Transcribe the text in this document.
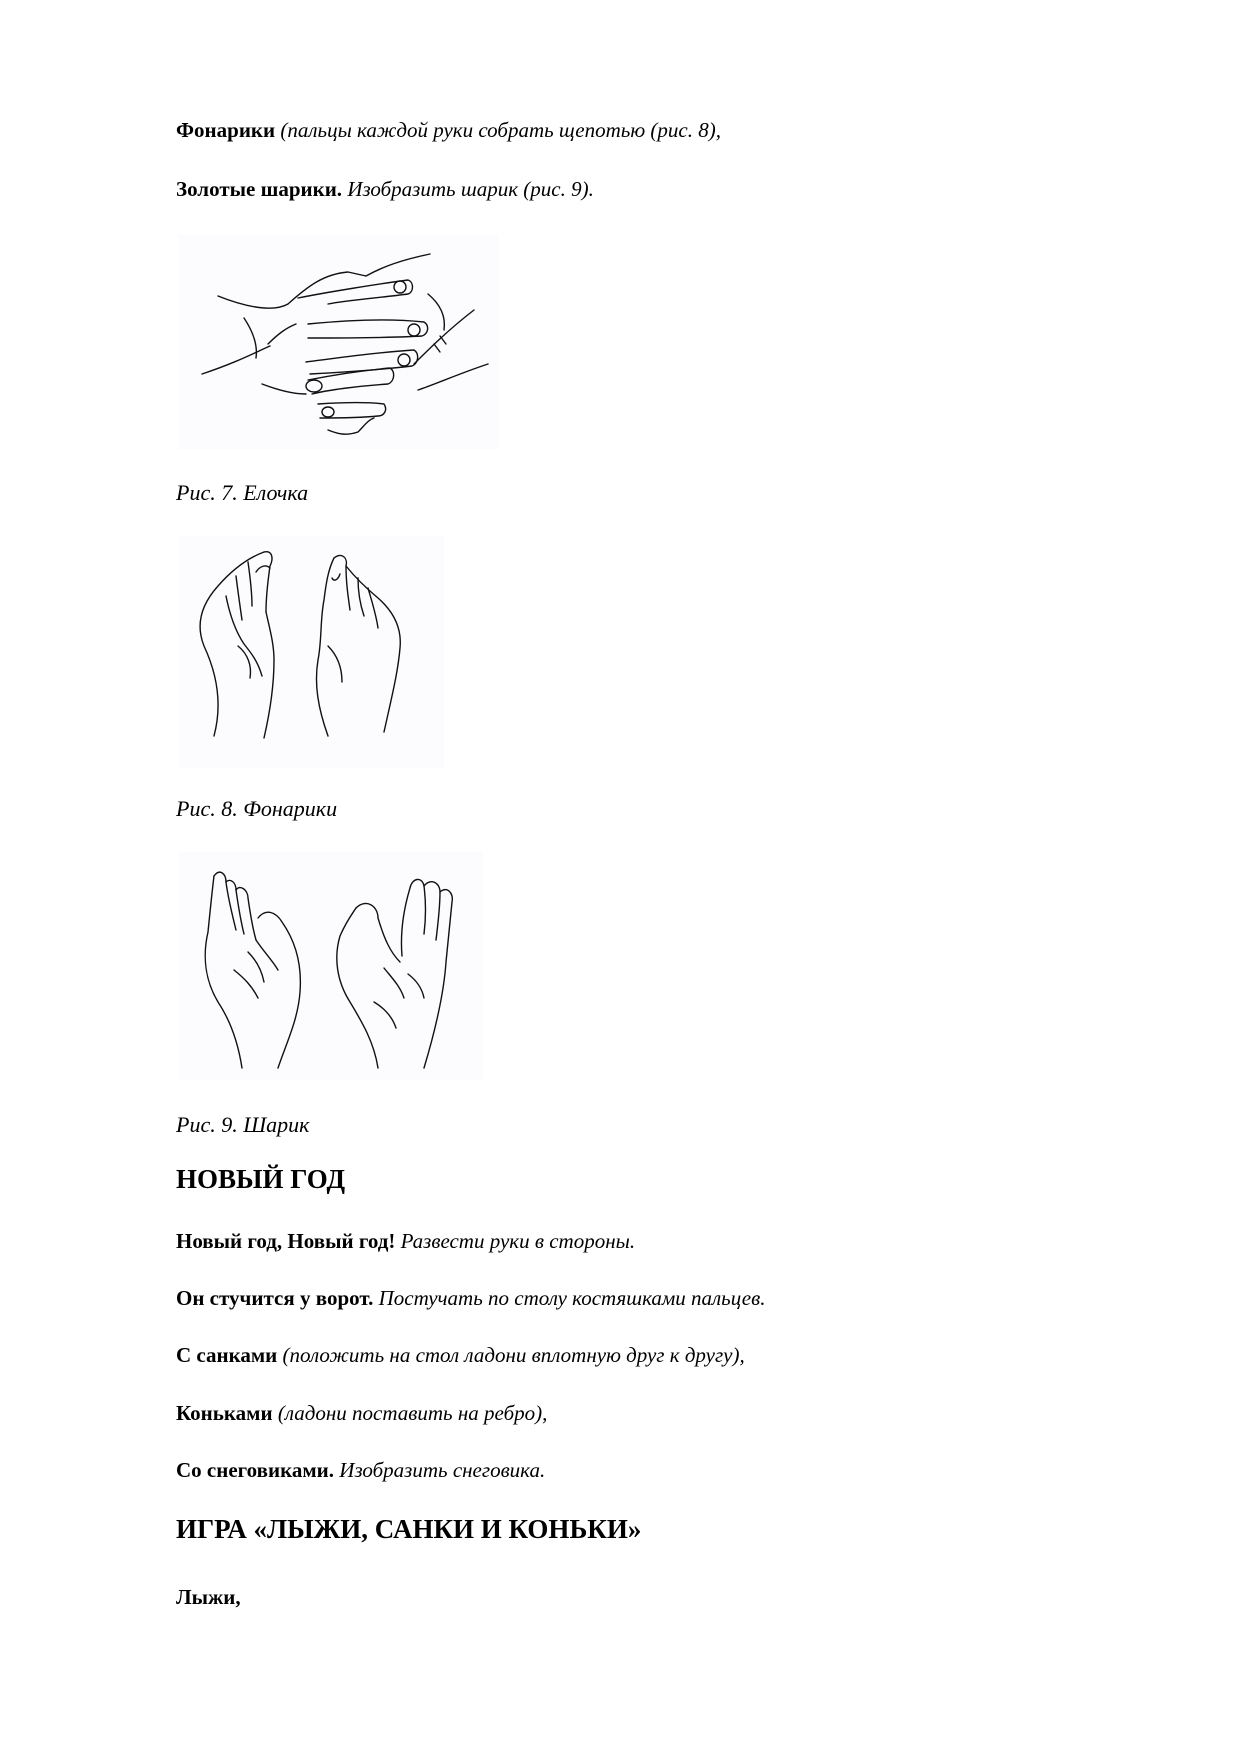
Фонарики (пальцы каждой руки собрать щепотью (рис. 8),
Золотые шарики. Изобразить шарик (рис. 9).
Рис. 7. Елочка
Рис. 8. Фонарики
Рис. 9. Шарик
НОВЫЙ ГОД
Новый год, Новый год! Развести руки в стороны.
Он стучится у ворот. Постучать по столу костяшками пальцев.
С санками (положить на стол ладони вплотную друг к другу),
Коньками (ладони поставить на ребро),
Со снеговиками. Изобразить снеговика.
ИГРА «ЛЫЖИ, САНКИ И КОНЬКИ»
Лыжи,
